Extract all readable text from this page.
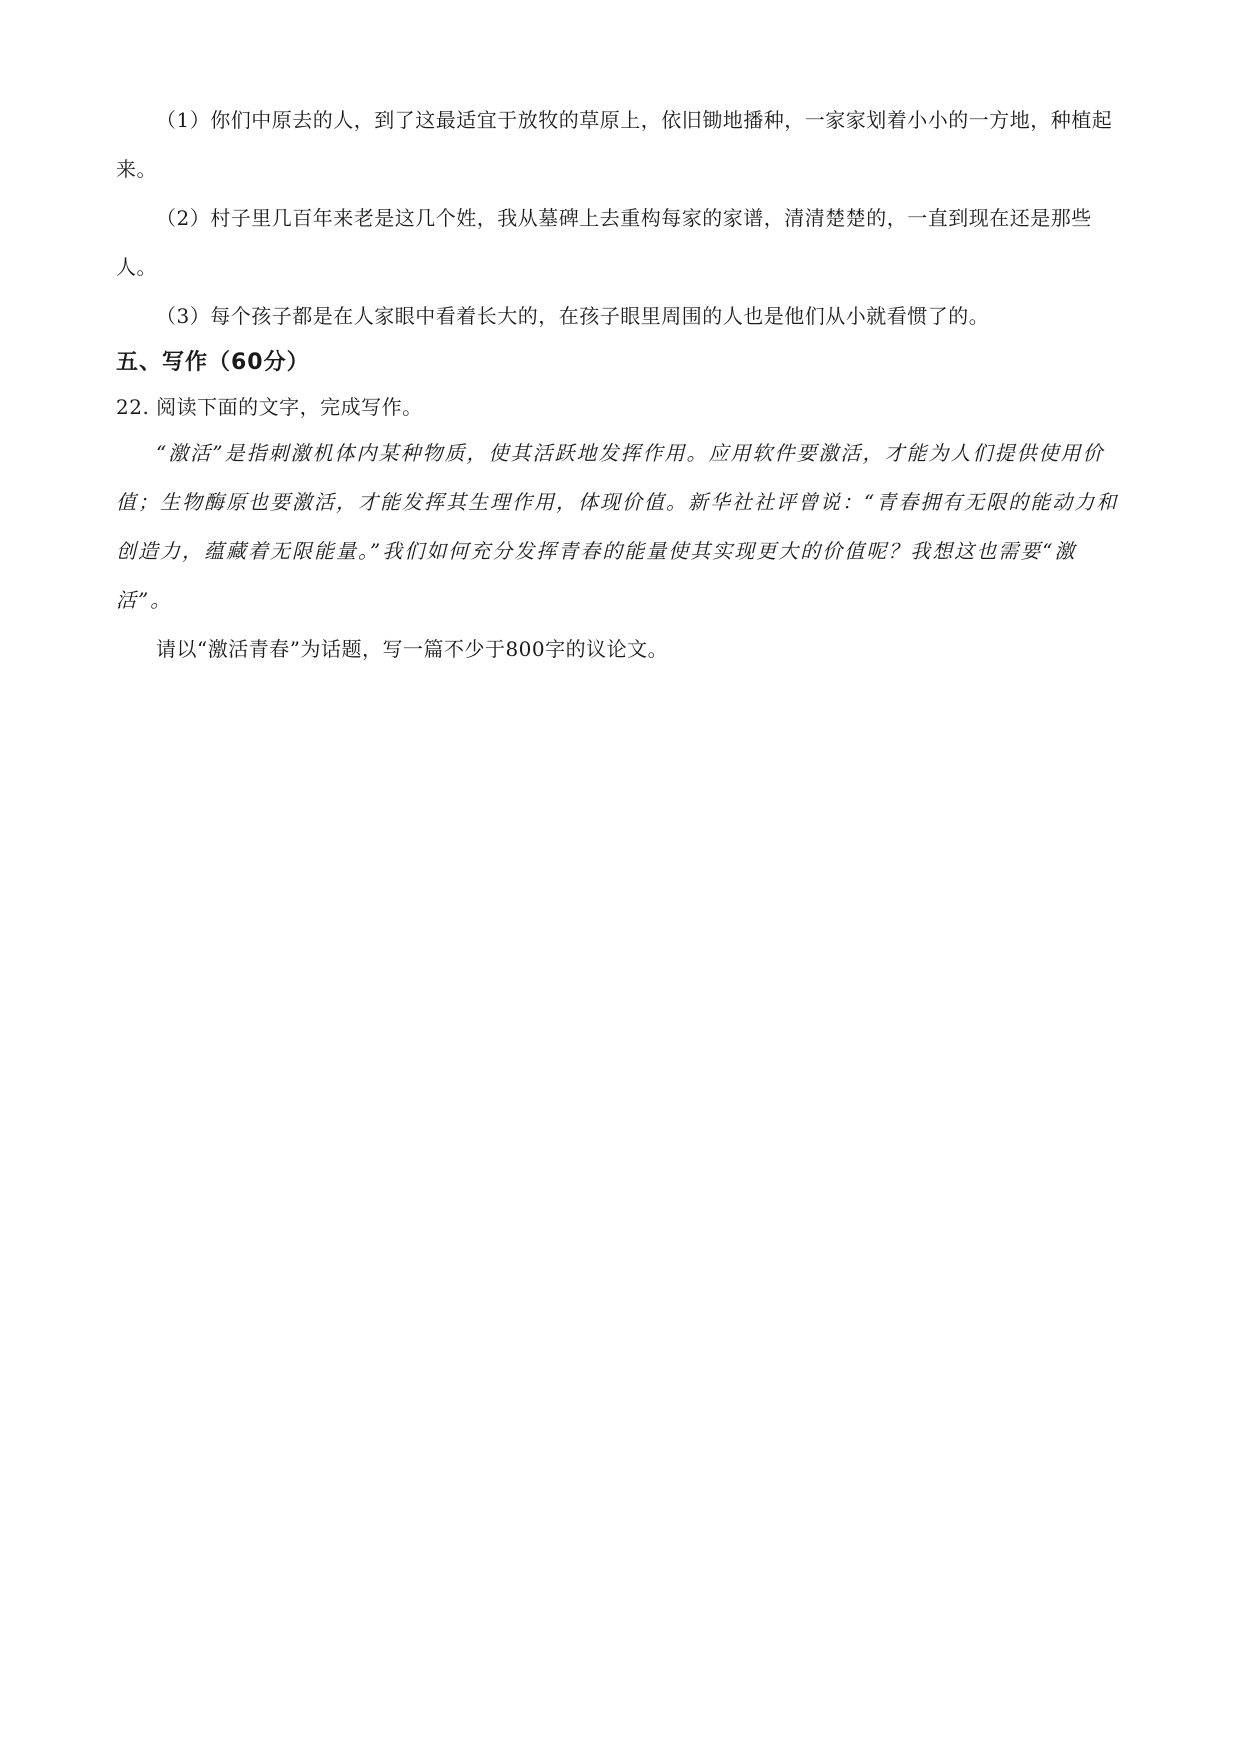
（1）你们中原去的人，到了这最适宜于放牧的草原上，依旧锄地播种，一家家划着小小的一方地，种植起来。

（2）村子里几百年来老是这几个姓，我从墓碑上去重构每家的家谱，清清楚楚的，一直到现在还是那些人。

（3）每个孩子都是在人家眼中看着长大的，在孩子眼里周围的人也是他们从小就看惯了的。

五、写作（60分）

22. 阅读下面的文字，完成写作。

“激活”是指刺激机体内某种物质，使其活跃地发挥作用。应用软件要激活，才能为人们提供使用价值；生物酶原也要激活，才能发挥其生理作用，体现价值。新华社社评曾说：“青春拥有无限的能动力和创造力，蕴藏着无限能量。”我们如何充分发挥青春的能量使其实现更大的价值呢？我想这也需要“激活”。

请以“激活青春”为话题，写一篇不少于800字的议论文。
